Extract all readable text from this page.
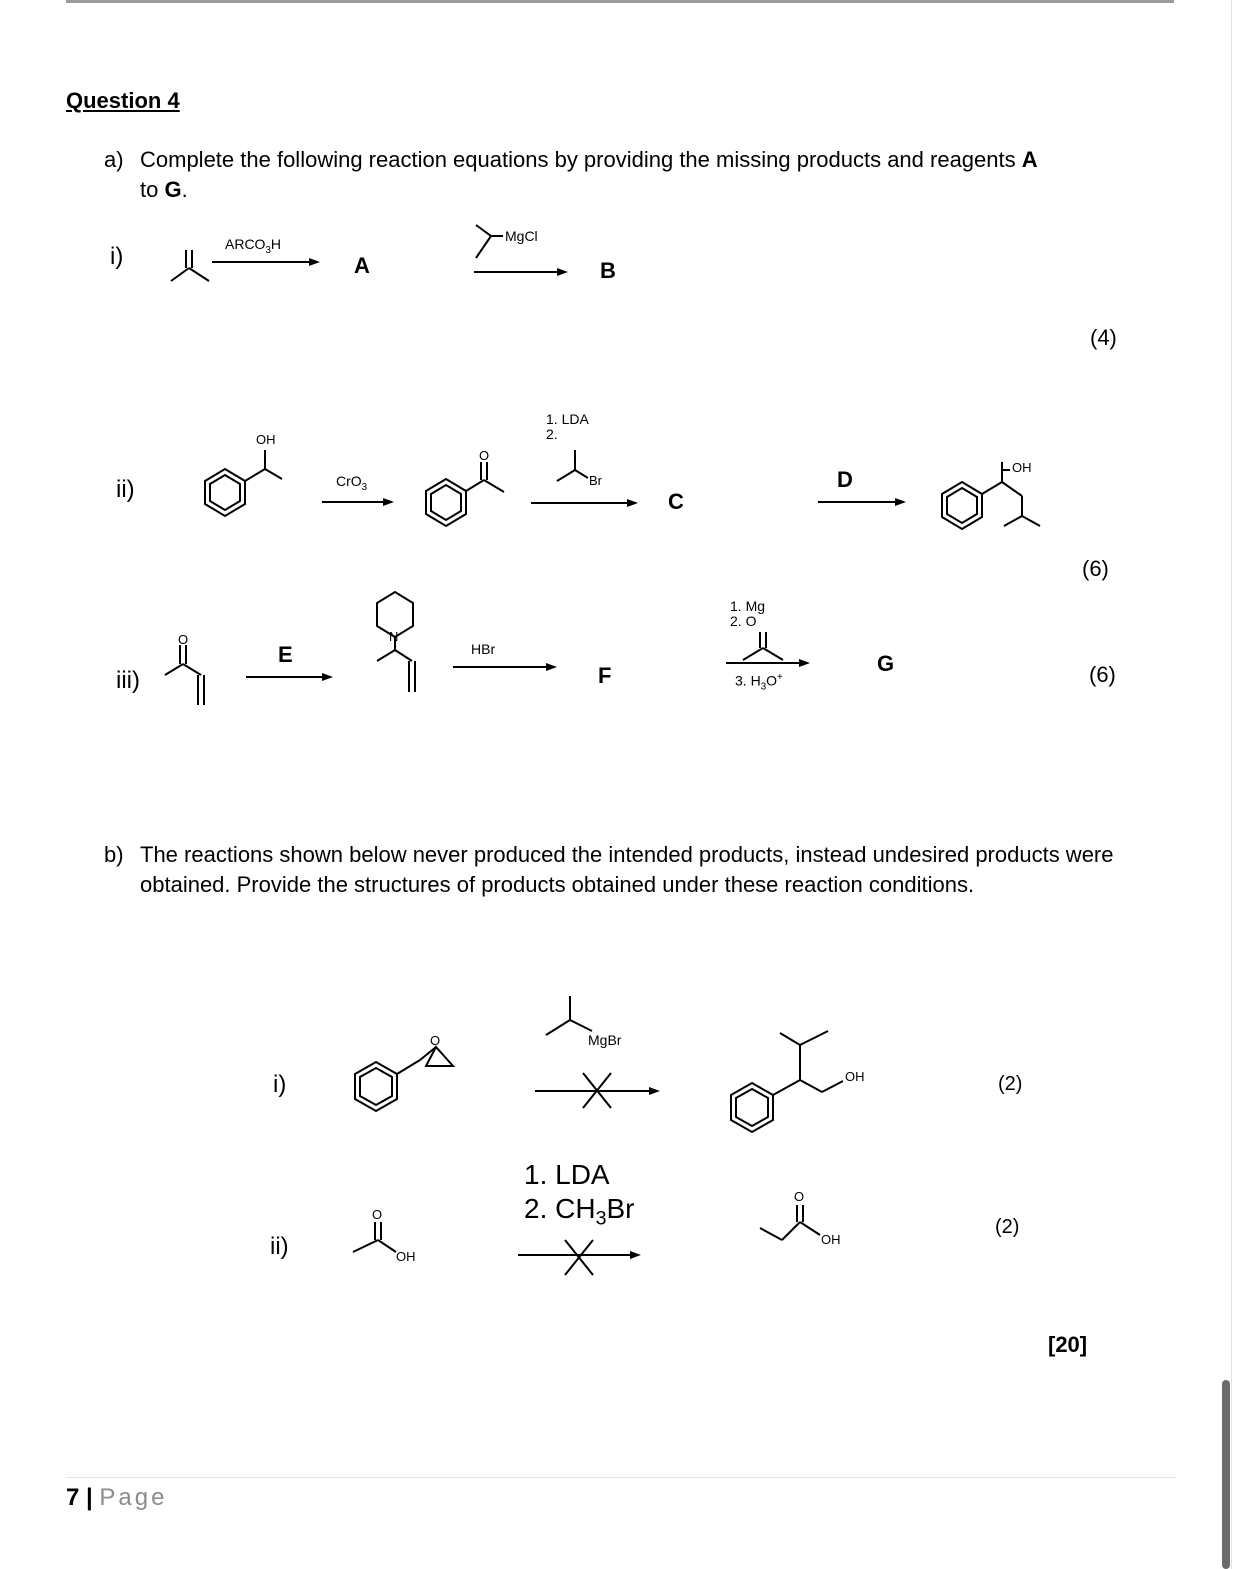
Question 4
a) Complete the following reaction equations by providing the missing products and reagents A
to G.
i)	$ARCO_3H$
A
MgCl
B
(4)
ii)
OH
CrO$_3$
O
1. LDA
2.
Br
C
D	OH
(6)
iii)
O
E
N
HBr
F
1. Mg
2. O
3. $H_3O^+$
G	(6)
b) The reactions shown below never produced the intended products, instead undesired products were obtained. Provide the structures of products obtained under these reaction conditions.
i)
O	MgBr
OH	(2)
ii)
O
OH
1. LDA
2. $CH_3Br$	O
OH
(2)
[20]
7 | Page
